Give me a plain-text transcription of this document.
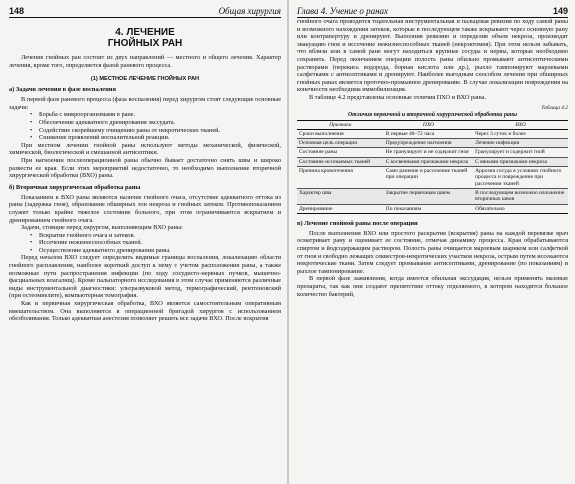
148	Общая хирургия
4. ЛЕЧЕНИЕ
ГНОЙНЫХ РАН

Лечение гнойных ран состоит из двух направлений — местного и общего лечения. Характер лечения, кроме того, определяется фазой раневого процесса.

(1) МЕСТНОЕ ЛЕЧЕНИЕ ГНОЙНЫХ РАН
а) Задачи лечения в фазе воспаления

В первой фазе раневого процесса (фаза воспаления) перед хирургом стоят следующие основные задачи:

• Борьба с микроорганизмами в ране.
• Обеспечение адекватного дренирования экссудата.
• Содействие скорейшему очищению раны от некротических тканей.
• Снижение проявлений воспалительной реакции.

При местном лечении гнойной раны используют методы механической, физической, химической, биологической и смешанной антисептики.

При нагноении послеоперационной раны обычно бывает достаточно снять швы и широко развести ее края. Если этих мероприятий недостаточно, то необходимо выполнение вторичной хирургической обработки (ВХО) раны.

б) Вторичная хирургическая обработка раны

Показанием к ВХО раны являются наличие гнойного очага, отсутствие адекватного оттока из раны (задержка гноя), образование обширных зон некроза и гнойных затеков. Противопоказанием служит только крайне тяжелое состояние больного, при этом ограничиваются вскрытием и дренированием гнойного очага.

Задачи, стоящие перед хирургом, выполняющим ВХО раны:

• Вскрытие гнойного очага и затеков.
• Иссечение нежизнеспособных тканей.
• Осуществление адекватного дренирования раны.

Перед началом ВХО следует определить видимые границы воспаления, локализацию области гнойного расплавления, наиболее короткий доступ к нему с учетом расположения раны, а также возможные пути распространения инфекции (по ходу сосудисто-нервных пучков, мышечно-фасциальных влагалищ). Кроме пальпаторного исследования в этом случае применяются различные виды инструментальной диагностики: ультразвуковой метод, термографический, рентгеновский (при остеомиелите), компьютерная томография.

Как и первичная хирургическая обработка, ВХО является самостоятельным оперативным вмешательством. Она выполняется в операционной бригадой хирургов с использованием обезболивания. Только адекватная анестезия позволяет решить все задачи ВХО. После вскрытия

Глава 4. Учение о ранах	149

гнойного очага проводится тщательная инструментальная и пальцевая ревизия по ходу самой раны и возможного нахождения затеков, которые в последующем также вскрывают через основную рану или контрапертуру и дренируют. Выполнив ревизию и определив объем некроза, производят эвакуацию гноя и иссечение нежизнеспособных тканей (некрэктомия). При этом нельзя забывать, что вблизи или в самой ране могут находиться крупные сосуды и нервы, которые необходимо сохранить. Перед окончанием операции полость раны обильно промывают антисептическими растворами (перекись водорода, борная кислота или др.), рыхло тампонируют марлевыми салфетками с антисептиками и дренируют. Наиболее выгодным способом лечения при обширных гнойных ранах является проточно-промывное дренирование. В случае локализации повреждения на конечности необходима иммобилизация.

В таблице 4.2 представлены основные отличия ПХО и ВХО раны.

Таблица 4.2
Отличия первичной и вторичной хирургической обработки раны
Признаки	ПХО	ВХО
Сроки выполнения	В первые 48–72 часа	Через 3 суток и более
Основная цель операции	Предупреждение нагноения	Лечение инфекции
Состояние раны	Не гранулирует и не содержит гноя	Гранулирует и содержит гной
Состояние иссекаемых тканей	С косвенными признаками некроза	С явными признаками некроза
Причина кровотечения	Само ранение и рассечение тканей при операции	Аррозия сосуда в условиях гнойного процесса и повреждение при рассечении тканей
Характер шва	Закрытие первичным швом	В последующем возможно наложение вторичных швов
Дренирование	По показаниям	Обязательно
в) Лечение гнойной раны после операции

После выполнения ВХО или простого раскрытия (вскрытия) раны на каждой перевязке врач осматривает рану и оценивает ее состояние, отмечая динамику процесса. Края обрабатываются спиртом и йодсодержащим раствором. Полость раны очищается марлевым шариком или салфеткой от гноя и свободно лежащих секвестров-некротических участков некроза, острым путем иссекаются некротические ткани. Затем следует промывание антисептиками, дренирование (по показаниям) и рыхлое тампонирование.

В первой фазе заживления, когда имеется обильная экссудация, нельзя применять мазевые препараты, так как они создают препятствие оттоку отделяемого, в котором находится большое количество бактерий,
